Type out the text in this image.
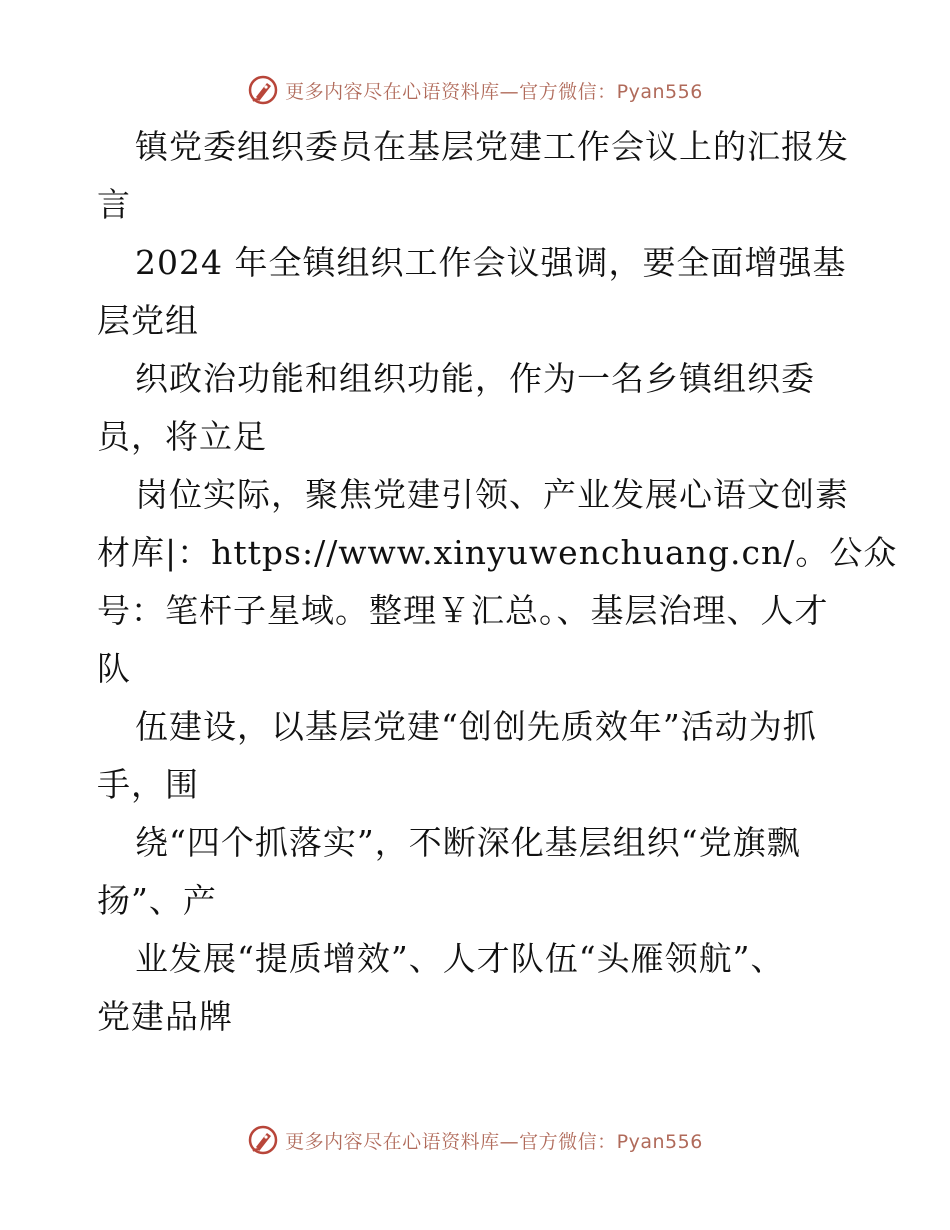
更多内容尽在心语资料库—官方微信：Pyan556
镇党委组织委员在基层党建工作会议上的汇报发
言
2024 年全镇组织工作会议强调，要全面增强基
层党组
织政治功能和组织功能，作为一名乡镇组织委
员，将立足
岗位实际，聚焦党建引领、产业发展心语文创素
材库|：https://www.xinyuwenchuang.cn/。公众
号：笔杆子星域。整理￥汇总。、基层治理、人才
队
伍建设，以基层党建“创创先质效年”活动为抓
手，围
绕“四个抓落实”，不断深化基层组织“党旗飘
扬”、产
业发展“提质增效”、人才队伍“头雁领航”、
党建品牌
更多内容尽在心语资料库—官方微信：Pyan556
